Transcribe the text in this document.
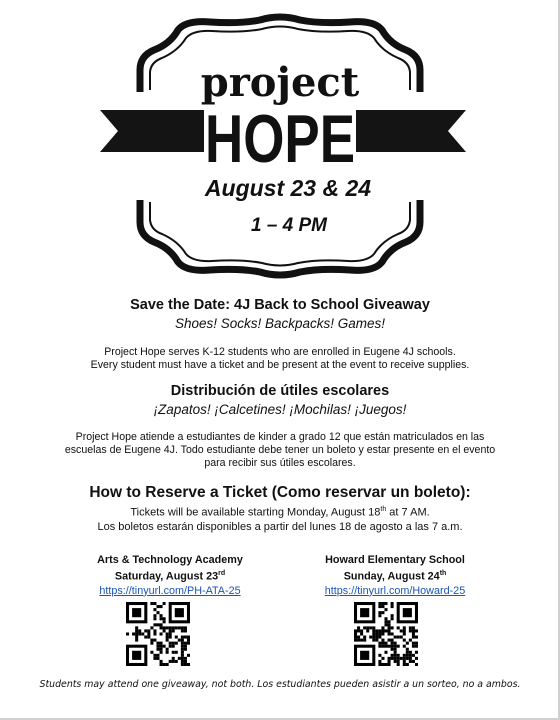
project
HOPE
August 23 & 24
1 – 4 PM
Save the Date: 4J Back to School Giveaway
Shoes! Socks! Backpacks! Games!
Project Hope serves K-12 students who are enrolled in Eugene 4J schools.
Every student must have a ticket and be present at the event to receive supplies.
Distribución de útiles escolares
¡Zapatos! ¡Calcetines! ¡Mochilas! ¡Juegos!
Project Hope atiende a estudiantes de kinder a grado 12 que están matriculados en las
escuelas de Eugene 4J. Todo estudiante debe tener un boleto y estar presente en el evento
para recibir sus útiles escolares.
How to Reserve a Ticket (Como reservar un boleto):
Tickets will be available starting Monday, August 18th at 7 AM.
Los boletos estarán disponibles a partir del lunes 18 de agosto a las 7 a.m.
Arts & Technology Academy
Saturday, August 23rd
https://tinyurl.com/PH-ATA-25
Howard Elementary School
Sunday, August 24th
https://tinyurl.com/Howard-25
Students may attend one giveaway, not both. Los estudiantes pueden asistir a un sorteo, no a ambos.
